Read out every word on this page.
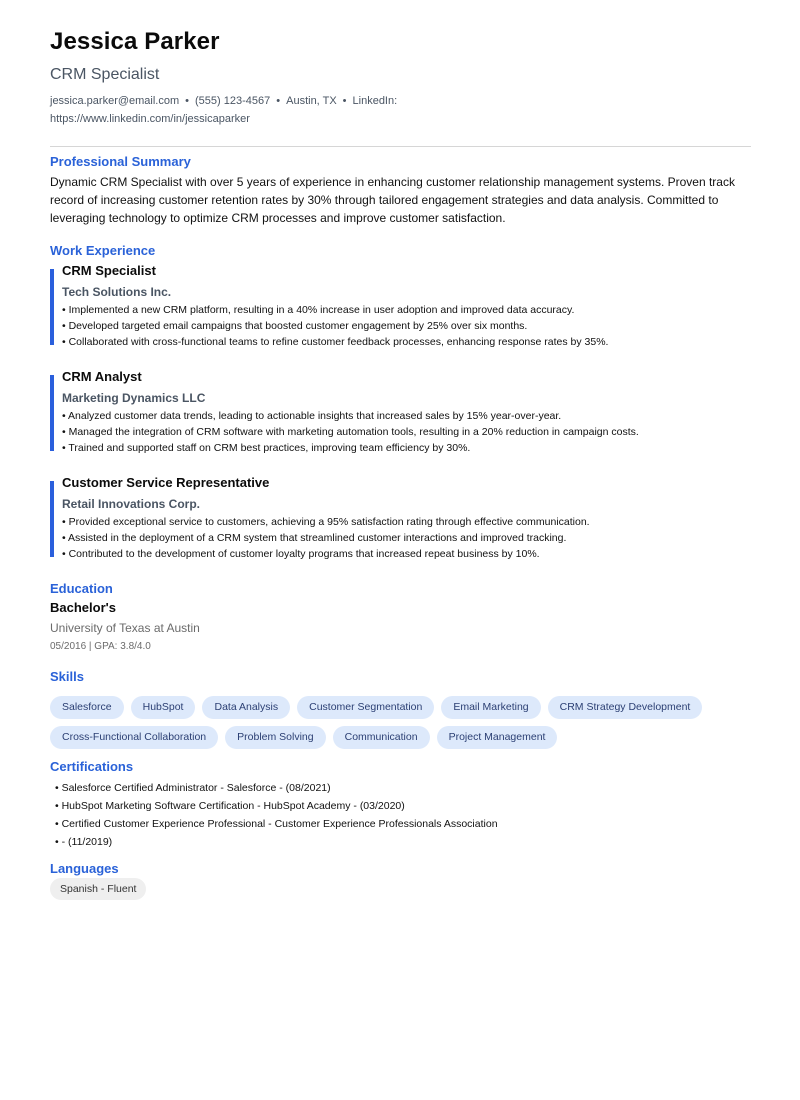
Jessica Parker
CRM Specialist
jessica.parker@email.com • (555) 123-4567 • Austin, TX • LinkedIn:
https://www.linkedin.com/in/jessicaparker
Professional Summary
Dynamic CRM Specialist with over 5 years of experience in enhancing customer relationship management systems. Proven track record of increasing customer retention rates by 30% through tailored engagement strategies and data analysis. Committed to leveraging technology to optimize CRM processes and improve customer satisfaction.
Work Experience
CRM Specialist
Tech Solutions Inc.
• Implemented a new CRM platform, resulting in a 40% increase in user adoption and improved data accuracy.
• Developed targeted email campaigns that boosted customer engagement by 25% over six months.
• Collaborated with cross-functional teams to refine customer feedback processes, enhancing response rates by 35%.
CRM Analyst
Marketing Dynamics LLC
• Analyzed customer data trends, leading to actionable insights that increased sales by 15% year-over-year.
• Managed the integration of CRM software with marketing automation tools, resulting in a 20% reduction in campaign costs.
• Trained and supported staff on CRM best practices, improving team efficiency by 30%.
Customer Service Representative
Retail Innovations Corp.
• Provided exceptional service to customers, achieving a 95% satisfaction rating through effective communication.
• Assisted in the deployment of a CRM system that streamlined customer interactions and improved tracking.
• Contributed to the development of customer loyalty programs that increased repeat business by 10%.
Education
Bachelor's
University of Texas at Austin
05/2016 | GPA: 3.8/4.0
Skills
Salesforce	HubSpot	Data Analysis	Customer Segmentation	Email Marketing	CRM Strategy Development
Cross-Functional Collaboration	Problem Solving	Communication	Project Management
Certifications
• Salesforce Certified Administrator - Salesforce - (08/2021)
• HubSpot Marketing Software Certification - HubSpot Academy - (03/2020)
• Certified Customer Experience Professional - Customer Experience Professionals Association
• - (11/2019)
Languages
Spanish - Fluent
